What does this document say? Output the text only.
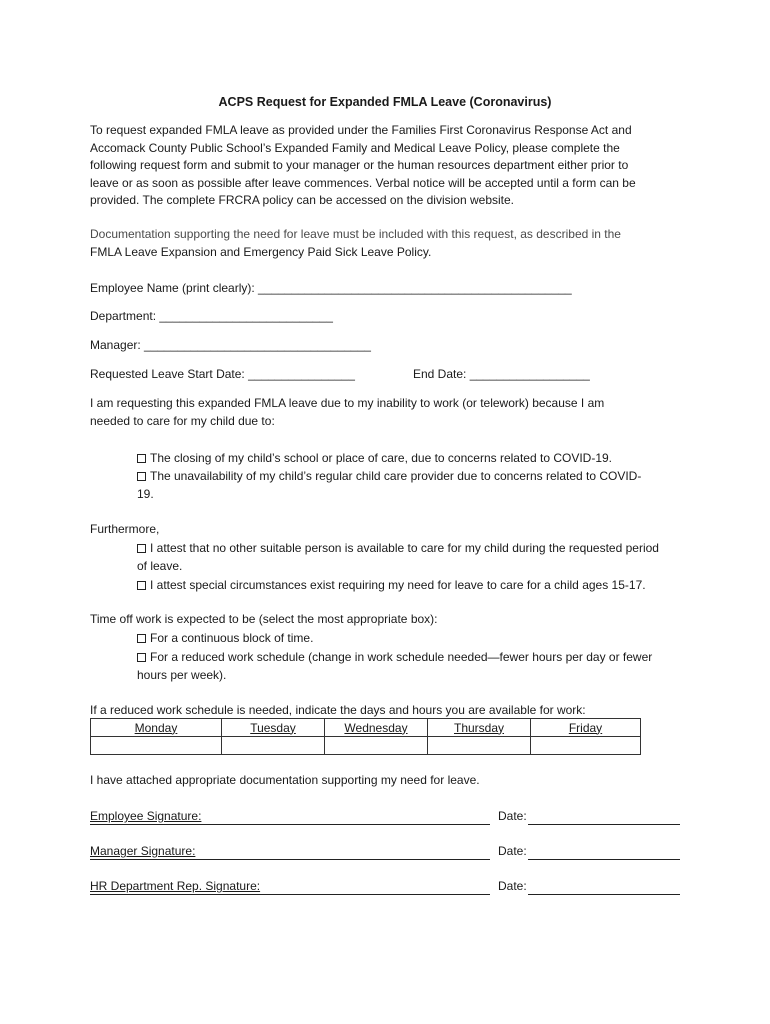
ACPS Request for Expanded FMLA Leave (Coronavirus)
To request expanded FMLA leave as provided under the Families First Coronavirus Response Act and
Accomack County Public School’s Expanded Family and Medical Leave Policy, please complete the
following request form and submit to your manager or the human resources department either prior to
leave or as soon as possible after leave commences. Verbal notice will be accepted until a form can be
provided. The complete FRCRA policy can be accessed on the division website.
Documentation supporting the need for leave must be included with this request, as described in the
FMLA Leave Expansion and Emergency Paid Sick Leave Policy.
Employee Name (print clearly): _______________________________________________
Department: __________________________
Manager: __________________________________
Requested Leave Start Date: ________________	End Date: __________________
I am requesting this expanded FMLA leave due to my inability to work (or telework) because I am
needed to care for my child due to:
The closing of my child’s school or place of care, due to concerns related to COVID-19.
The unavailability of my child’s regular child care provider due to concerns related to COVID-19.
Furthermore,
I attest that no other suitable person is available to care for my child during the requested period of leave.
I attest special circumstances exist requiring my need for leave to care for a child ages 15-17.
Time off work is expected to be (select the most appropriate box):
For a continuous block of time.
For a reduced work schedule (change in work schedule needed—fewer hours per day or fewer hours per week).
If a reduced work schedule is needed, indicate the days and hours you are available for work:
Monday	Tuesday	Wednesday	Thursday	Friday

I have attached appropriate documentation supporting my need for leave.
Employee Signature:	Date:
Manager Signature:	Date:
HR Department Rep. Signature:	Date:
